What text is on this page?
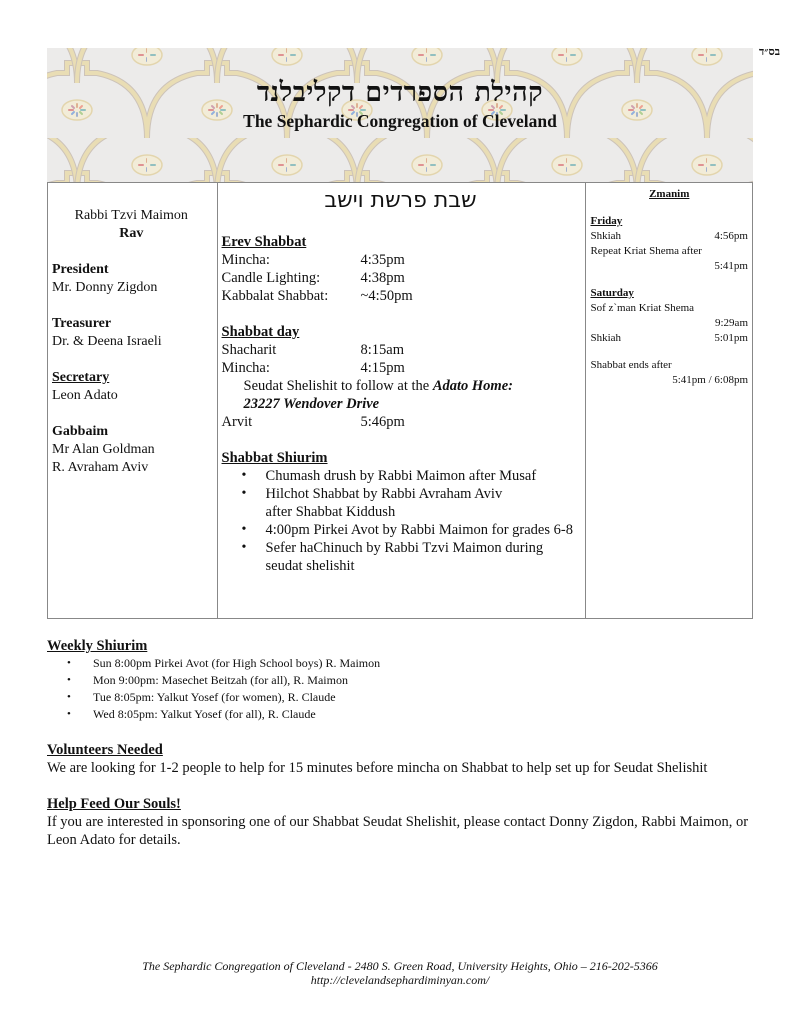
בס״ד
קהילת הספרדים דקליבלנד
The Sephardic Congregation of Cleveland
Rabbi Tzvi Maimon
Rav
President
Mr. Donny Zigdon
Treasurer
Dr. & Deena Israeli
Secretary
Leon Adato
Gabbaim
Mr Alan Goldman
R. Avraham Aviv
שבת פרשת וישב
Erev Shabbat
Mincha:	4:35pm
Candle Lighting:	4:38pm
Kabbalat Shabbat:	~4:50pm
Shabbat day
Shacharit	8:15am
Mincha:	4:15pm
Seudat Shelishit to follow at the Adato Home:
23227 Wendover Drive
Arvit	5:46pm
Shabbat Shiurim
• Chumash drush by Rabbi Maimon after Musaf
• Hilchot Shabbat by Rabbi Avraham Aviv
after Shabbat Kiddush
• 4:00pm Pirkei Avot by Rabbi Maimon for grades 6-8
• Sefer haChinuch by Rabbi Tzvi Maimon during seudat shelishit
Zmanim
Friday
Shkiah	4:56pm
Repeat Kriat Shema after
5:41pm
Saturday
Sof z`man Kriat Shema
9:29am
Shkiah	5:01pm
Shabbat ends after
5:41pm / 6:08pm
Weekly Shiurim
• Sun 8:00pm Pirkei Avot (for High School boys) R. Maimon
• Mon 9:00pm: Masechet Beitzah (for all), R. Maimon
• Tue 8:05pm: Yalkut Yosef (for women), R. Claude
• Wed 8:05pm: Yalkut Yosef (for all), R. Claude
Volunteers Needed
We are looking for 1-2 people to help for 15 minutes before mincha on Shabbat to help set up for Seudat Shelishit
Help Feed Our Souls!
If you are interested in sponsoring one of our Shabbat Seudat Shelishit, please contact Donny Zigdon, Rabbi Maimon, or Leon Adato for details.
The Sephardic Congregation of Cleveland - 2480 S. Green Road, University Heights, Ohio – 216-202-5366
http://clevelandsephardiminyan.com/
